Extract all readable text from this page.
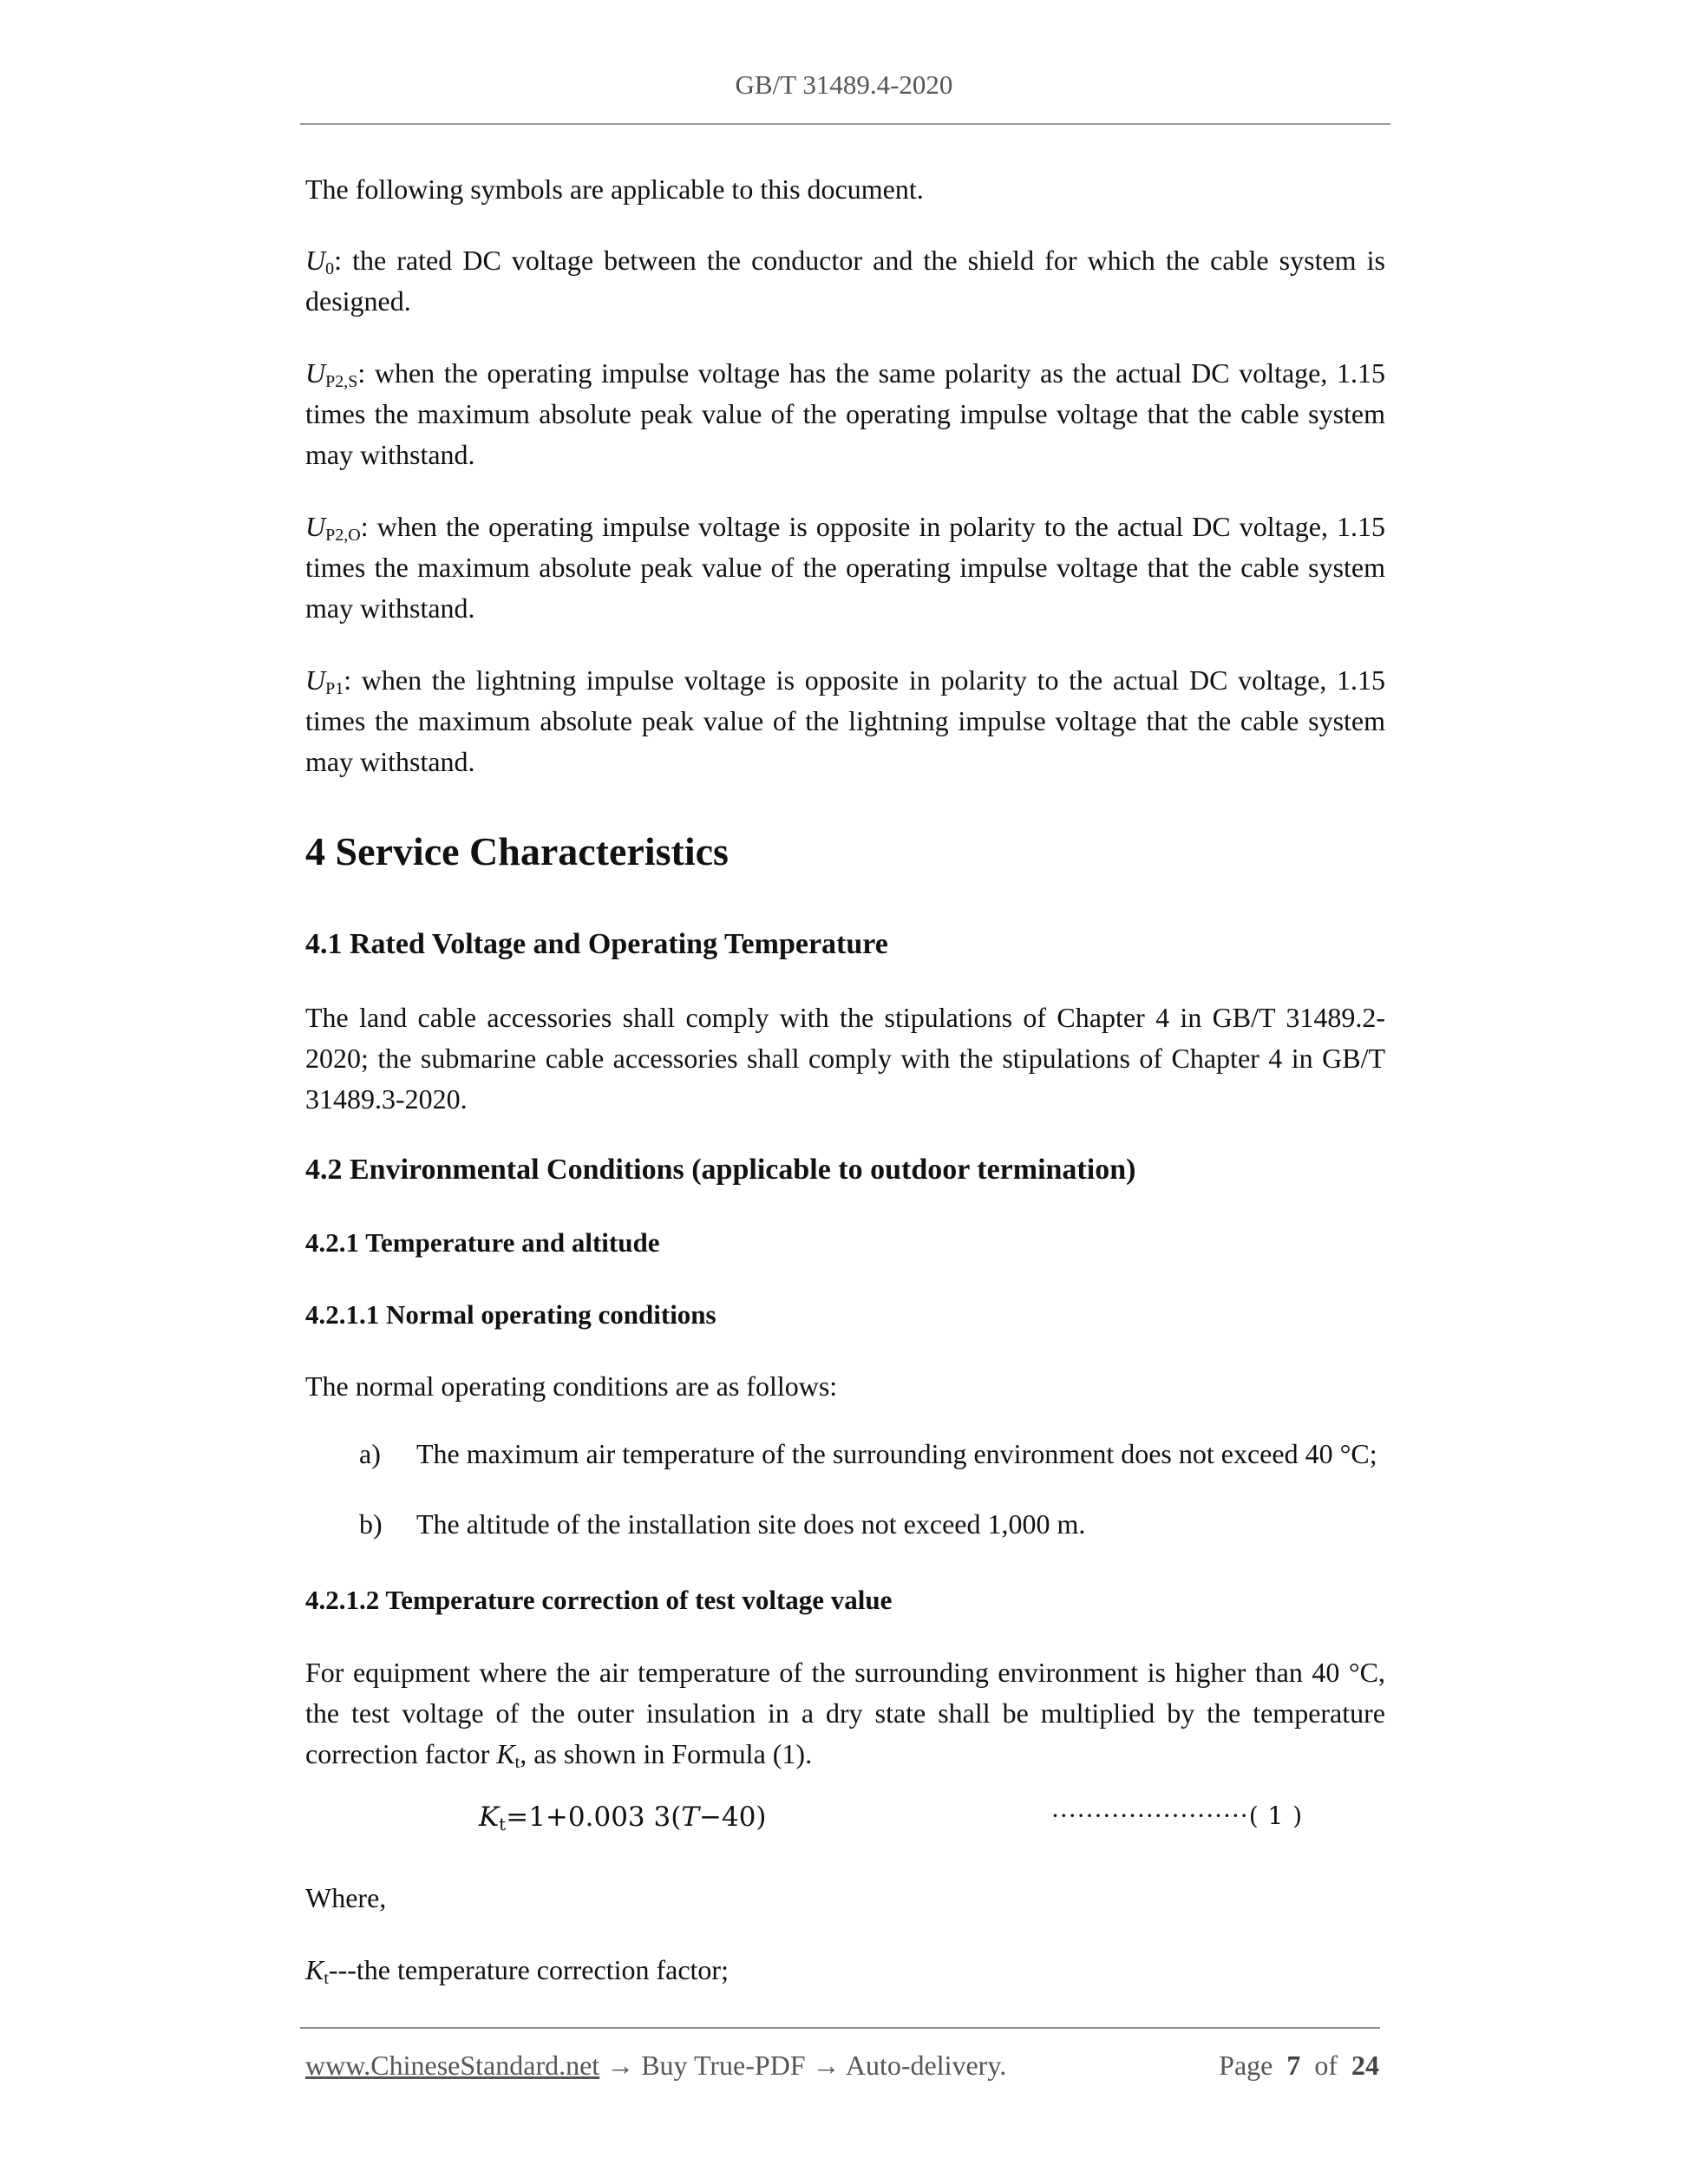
GB/T 31489.4-2020

The following symbols are applicable to this document.

$U_0$: the rated DC voltage between the conductor and the shield for which the cable system is designed.

$U_{P2,S}$: when the operating impulse voltage has the same polarity as the actual DC voltage, 1.15 times the maximum absolute peak value of the operating impulse voltage that the cable system may withstand.

$U_{P2,O}$: when the operating impulse voltage is opposite in polarity to the actual DC voltage, 1.15 times the maximum absolute peak value of the operating impulse voltage that the cable system may withstand.

$U_{P1}$: when the lightning impulse voltage is opposite in polarity to the actual DC voltage, 1.15 times the maximum absolute peak value of the lightning impulse voltage that the cable system may withstand.

4 Service Characteristics
4.1 Rated Voltage and Operating Temperature

The land cable accessories shall comply with the stipulations of Chapter 4 in GB/T 31489.2-2020; the submarine cable accessories shall comply with the stipulations of Chapter 4 in GB/T 31489.3-2020.

4.2 Environmental Conditions (applicable to outdoor termination)
4.2.1 Temperature and altitude
4.2.1.1 Normal operating conditions

The normal operating conditions are as follows:

a)	The maximum air temperature of the surrounding environment does not exceed 40 °C;
b)	The altitude of the installation site does not exceed 1,000 m.
4.2.1.2 Temperature correction of test voltage value

For equipment where the air temperature of the surrounding environment is higher than 40 °C, the test voltage of the outer insulation in a dry state shall be multiplied by the temperature correction factor $K_t$, as shown in Formula (1).

$K_t=1+0.003$ 3(T−40)	·······················( 1 )

Where,

$K_t--$-the temperature correction factor;

www.ChineseStandard.net → Buy True-PDF → Auto-delivery.	Page 7 of 24
